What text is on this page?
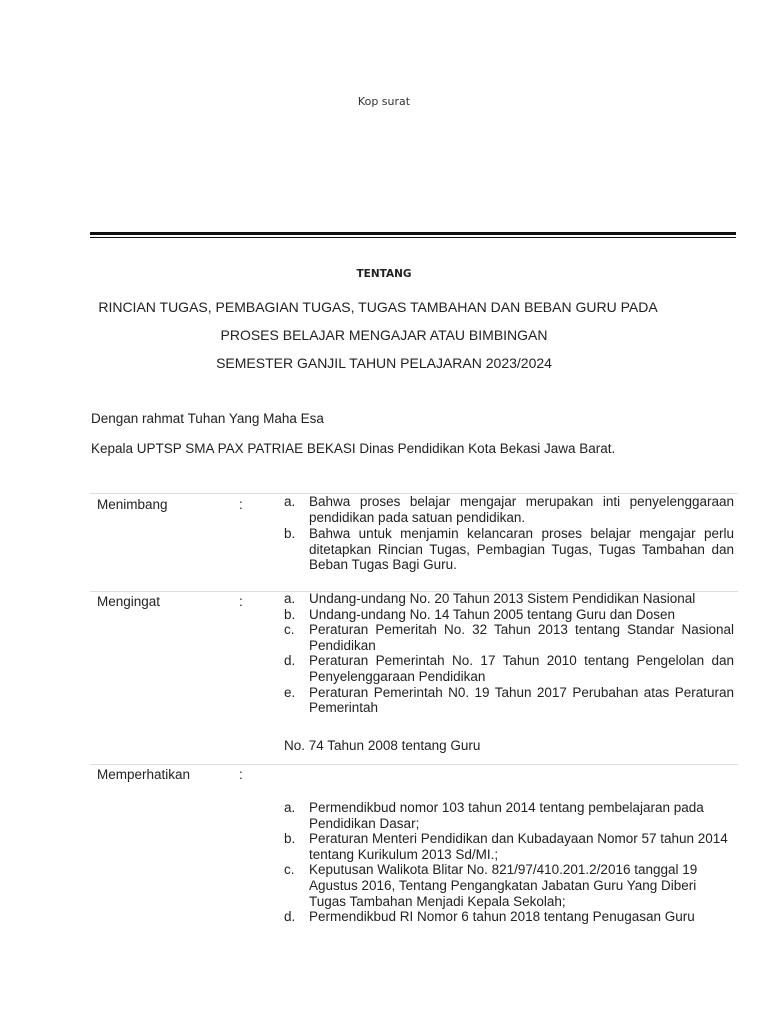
Kop surat
TENTANG
RINCIAN TUGAS, PEMBAGIAN TUGAS, TUGAS TAMBAHAN DAN BEBAN GURU PADA
PROSES BELAJAR MENGAJAR ATAU BIMBINGAN
SEMESTER GANJIL TAHUN PELAJARAN 2023/2024
Dengan rahmat Tuhan Yang Maha Esa
Kepala UPTSP SMA PAX PATRIAE BEKASI Dinas Pendidikan Kota Bekasi Jawa Barat.
Menimbang	:	a. Bahwa proses belajar mengajar merupakan inti penyelenggaraan pendidikan pada satuan pendidikan.
b. Bahwa untuk menjamin kelancaran proses belajar mengajar perlu ditetapkan Rincian Tugas, Pembagian Tugas, Tugas Tambahan dan Beban Tugas Bagi Guru.
Mengingat	:	a. Undang-undang No. 20 Tahun 2013 Sistem Pendidikan Nasional
b. Undang-undang No. 14 Tahun 2005 tentang Guru dan Dosen
c. Peraturan Pemeritah No. 32 Tahun 2013 tentang Standar Nasional Pendidikan
d. Peraturan Pemerintah No. 17 Tahun 2010 tentang Pengelolan dan Penyelenggaraan Pendidikan
e. Peraturan Pemerintah N0. 19 Tahun 2017 Perubahan atas Peraturan Pemerintah
No. 74 Tahun 2008 tentang Guru
Memperhatikan	:
a. Permendikbud nomor 103 tahun 2014 tentang pembelajaran pada Pendidikan Dasar;
b. Peraturan Menteri Pendidikan dan Kubadayaan Nomor 57 tahun 2014 tentang Kurikulum 2013 Sd/MI.;
c. Keputusan Walikota Blitar No. 821/97/410.201.2/2016 tanggal 19 Agustus 2016, Tentang Pengangkatan Jabatan Guru Yang Diberi Tugas Tambahan Menjadi Kepala Sekolah;
d. Permendikbud RI Nomor 6 tahun 2018 tentang Penugasan Guru
